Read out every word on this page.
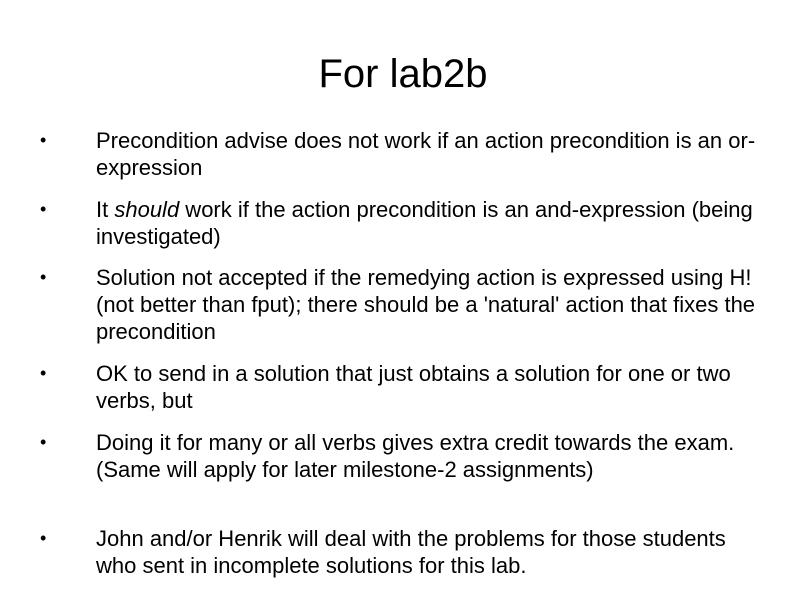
For lab2b
• Precondition advise does not work if an action precondition is an or-expression
• It should work if the action precondition is an and-expression (being investigated)
• Solution not accepted if the remedying action is expressed using H! (not better than fput); there should be a 'natural' action that fixes the precondition
• OK to send in a solution that just obtains a solution for one or two verbs, but
• Doing it for many or all verbs gives extra credit towards the exam. (Same will apply for later milestone-2 assignments)
• John and/or Henrik will deal with the problems for those students who sent in incomplete solutions for this lab.
